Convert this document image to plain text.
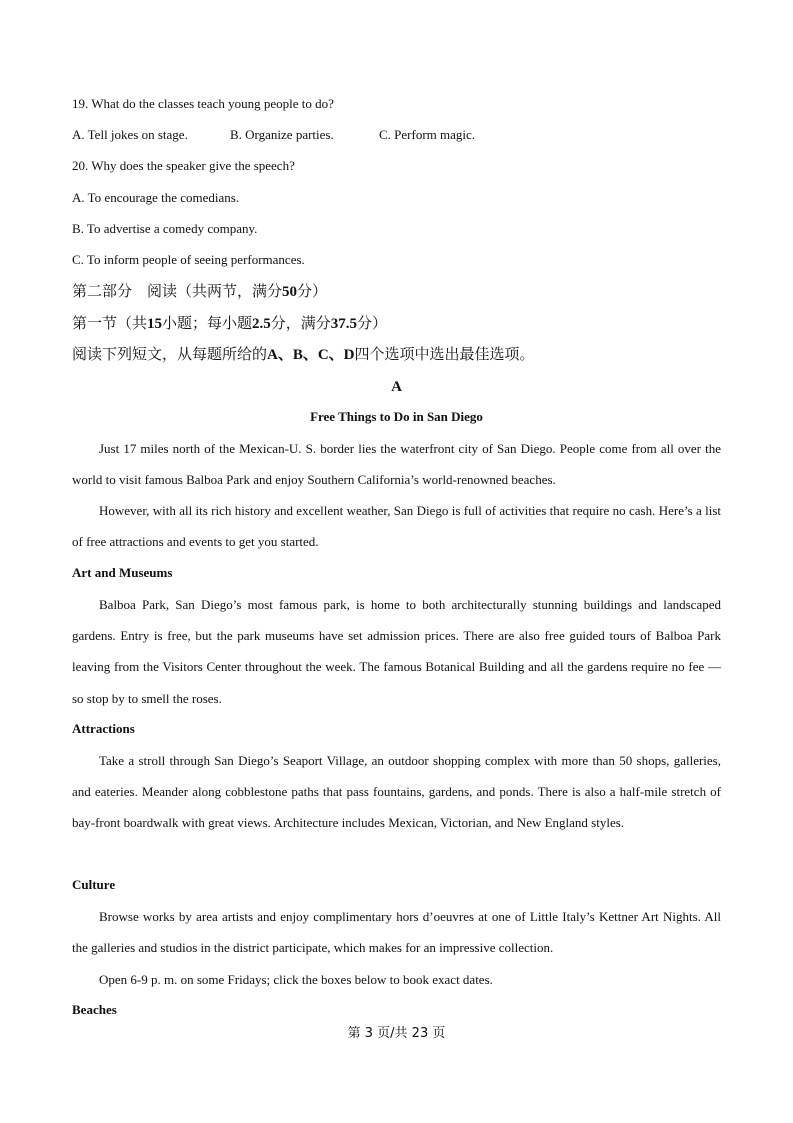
19. What do the classes teach young people to do?
A. Tell jokes on stage.	B. Organize parties.	C. Perform magic.
20. Why does the speaker give the speech?
A. To encourage the comedians.
B. To advertise a comedy company.
C. To inform people of seeing performances.
第二部分　阅读（共两节，满分50分）
第一节（共15小题；每小题2.5分，满分37.5分）
阅读下列短文，从每题所给的A、B、C、D四个选项中选出最佳选项。
A
Free Things to Do in San Diego
Just 17 miles north of the Mexican-U. S. border lies the waterfront city of San Diego. People come from all over the world to visit famous Balboa Park and enjoy Southern California’s world-renowned beaches.
However, with all its rich history and excellent weather, San Diego is full of activities that require no cash. Here’s a list of free attractions and events to get you started.
Art and Museums
Balboa Park, San Diego’s most famous park, is home to both architecturally stunning buildings and landscaped gardens. Entry is free, but the park museums have set admission prices. There are also free guided tours of Balboa Park leaving from the Visitors Center throughout the week. The famous Botanical Building and all the gardens require no fee — so stop by to smell the roses.
Attractions
Take a stroll through San Diego’s Seaport Village, an outdoor shopping complex with more than 50 shops, galleries, and eateries. Meander along cobblestone paths that pass fountains, gardens, and ponds. There is also a half-mile stretch of bay-front boardwalk with great views. Architecture includes Mexican, Victorian, and New England styles.
Culture
Browse works by area artists and enjoy complimentary hors d’oeuvres at one of Little Italy’s Kettner Art Nights. All the galleries and studios in the district participate, which makes for an impressive collection.
Open 6-9 p. m. on some Fridays; click the boxes below to book exact dates.
Beaches
第 3 页/共 23 页
